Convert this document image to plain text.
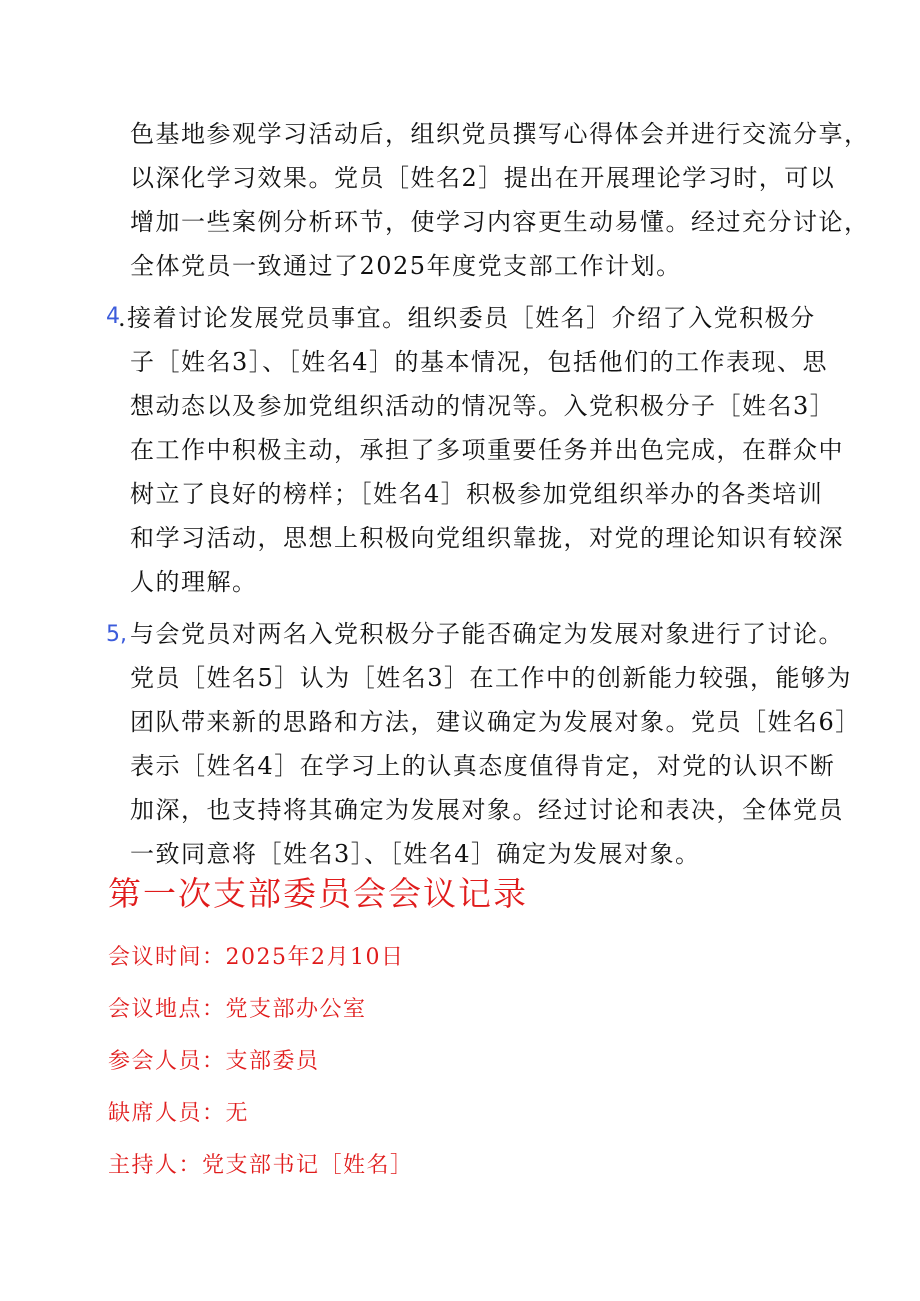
色基地参观学习活动后，组织党员撰写心得体会并进行交流分享，
以深化学习效果。党员［姓名2］提出在开展理论学习时，可以
增加一些案例分析环节，使学习内容更生动易懂。经过充分讨论，
全体党员一致通过了2025年度党支部工作计划。
4
.接着讨论发展党员事宜。组织委员［姓名］介绍了入党积极分
子［姓名3］、［姓名4］的基本情况，包括他们的工作表现、思
想动态以及参加党组织活动的情况等。入党积极分子［姓名3］
在工作中积极主动，承担了多项重要任务并出色完成，在群众中
树立了良好的榜样；［姓名4］积极参加党组织举办的各类培训
和学习活动，思想上积极向党组织靠拢，对党的理论知识有较深
人的理解。
5, 与会党员对两名入党积极分子能否确定为发展对象进行了讨论。
党员［姓名5］认为［姓名3］在工作中的创新能力较强，能够为
团队带来新的思路和方法，建议确定为发展对象。党员［姓名6］
表示［姓名4］在学习上的认真态度值得肯定，对党的认识不断
加深，也支持将其确定为发展对象。经过讨论和表决，全体党员
一致同意将［姓名3］、［姓名4］确定为发展对象。
第一次支部委员会会议记录
会议时间：2025年2月10日
会议地点：党支部办公室
参会人员：支部委员
缺席人员：无
主持人：党支部书记［姓名］
